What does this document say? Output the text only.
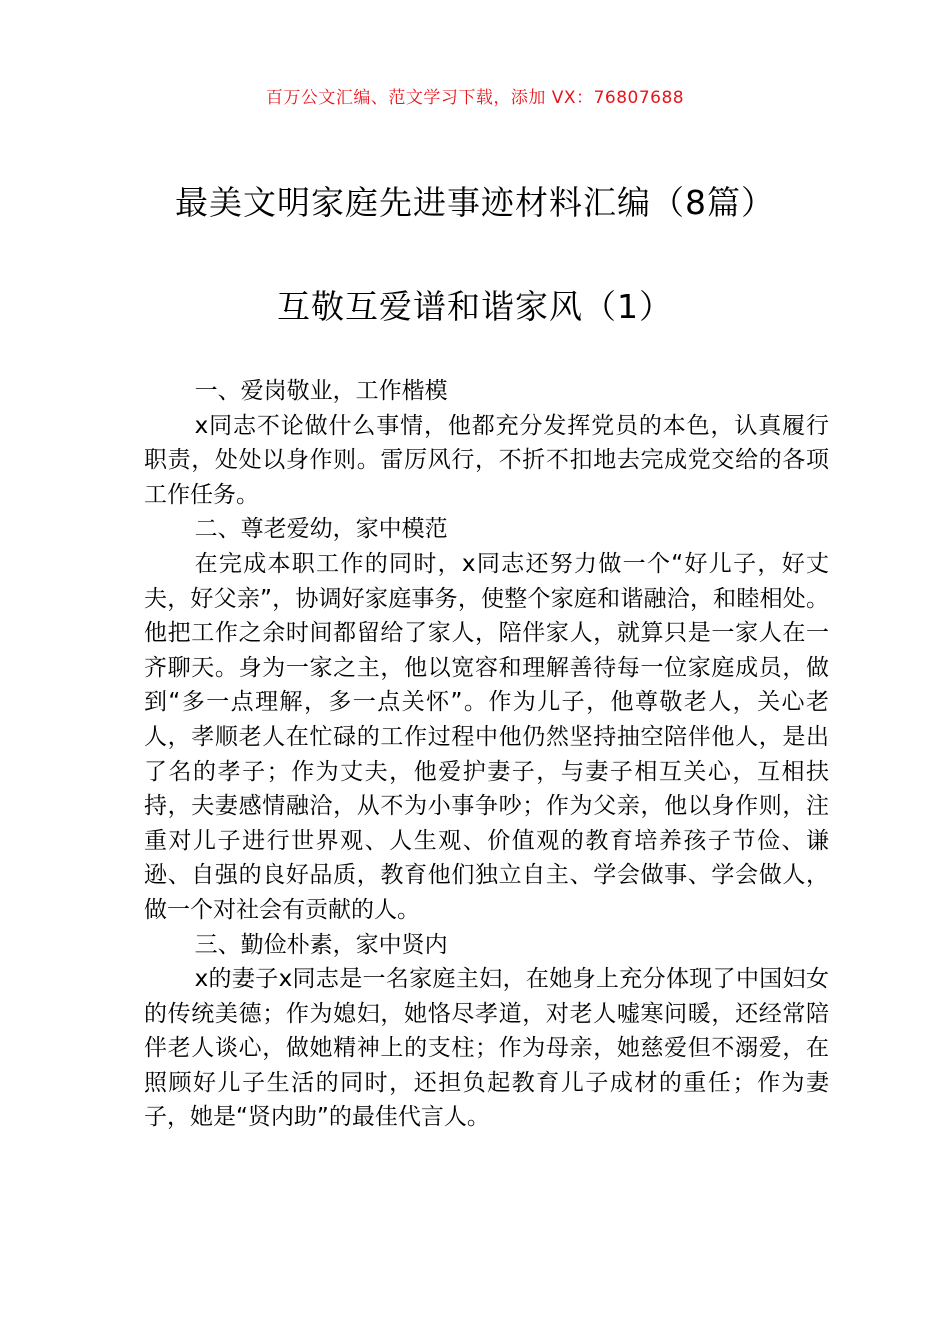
百万公文汇编、范文学习下载，添加 VX：76807688
最美文明家庭先进事迹材料汇编（8篇）
互敬互爱谱和谐家风（1）

一、爱岗敬业，工作楷模

x同志不论做什么事情，他都充分发挥党员的本色，认真履行职责，处处以身作则。雷厉风行，不折不扣地去完成党交给的各项工作任务。

二、尊老爱幼，家中模范

在完成本职工作的同时，x同志还努力做一个“好儿子，好丈夫，好父亲”，协调好家庭事务，使整个家庭和谐融洽，和睦相处。他把工作之余时间都留给了家人，陪伴家人，就算只是一家人在一齐聊天。身为一家之主，他以宽容和理解善待每一位家庭成员，做到“多一点理解，多一点关怀”。作为儿子，他尊敬老人，关心老人，孝顺老人在忙碌的工作过程中他仍然坚持抽空陪伴他人，是出了名的孝子；作为丈夫，他爱护妻子，与妻子相互关心，互相扶持，夫妻感情融洽，从不为小事争吵；作为父亲，他以身作则，注重对儿子进行世界观、人生观、价值观的教育培养孩子节俭、谦逊、自强的良好品质，教育他们独立自主、学会做事、学会做人，做一个对社会有贡献的人。

三、勤俭朴素，家中贤内

x的妻子x同志是一名家庭主妇，在她身上充分体现了中国妇女的传统美德；作为媳妇，她恪尽孝道，对老人嘘寒问暖，还经常陪伴老人谈心，做她精神上的支柱；作为母亲，她慈爱但不溺爱，在照顾好儿子生活的同时，还担负起教育儿子成材的重任；作为妻子，她是“贤内助”的最佳代言人。
